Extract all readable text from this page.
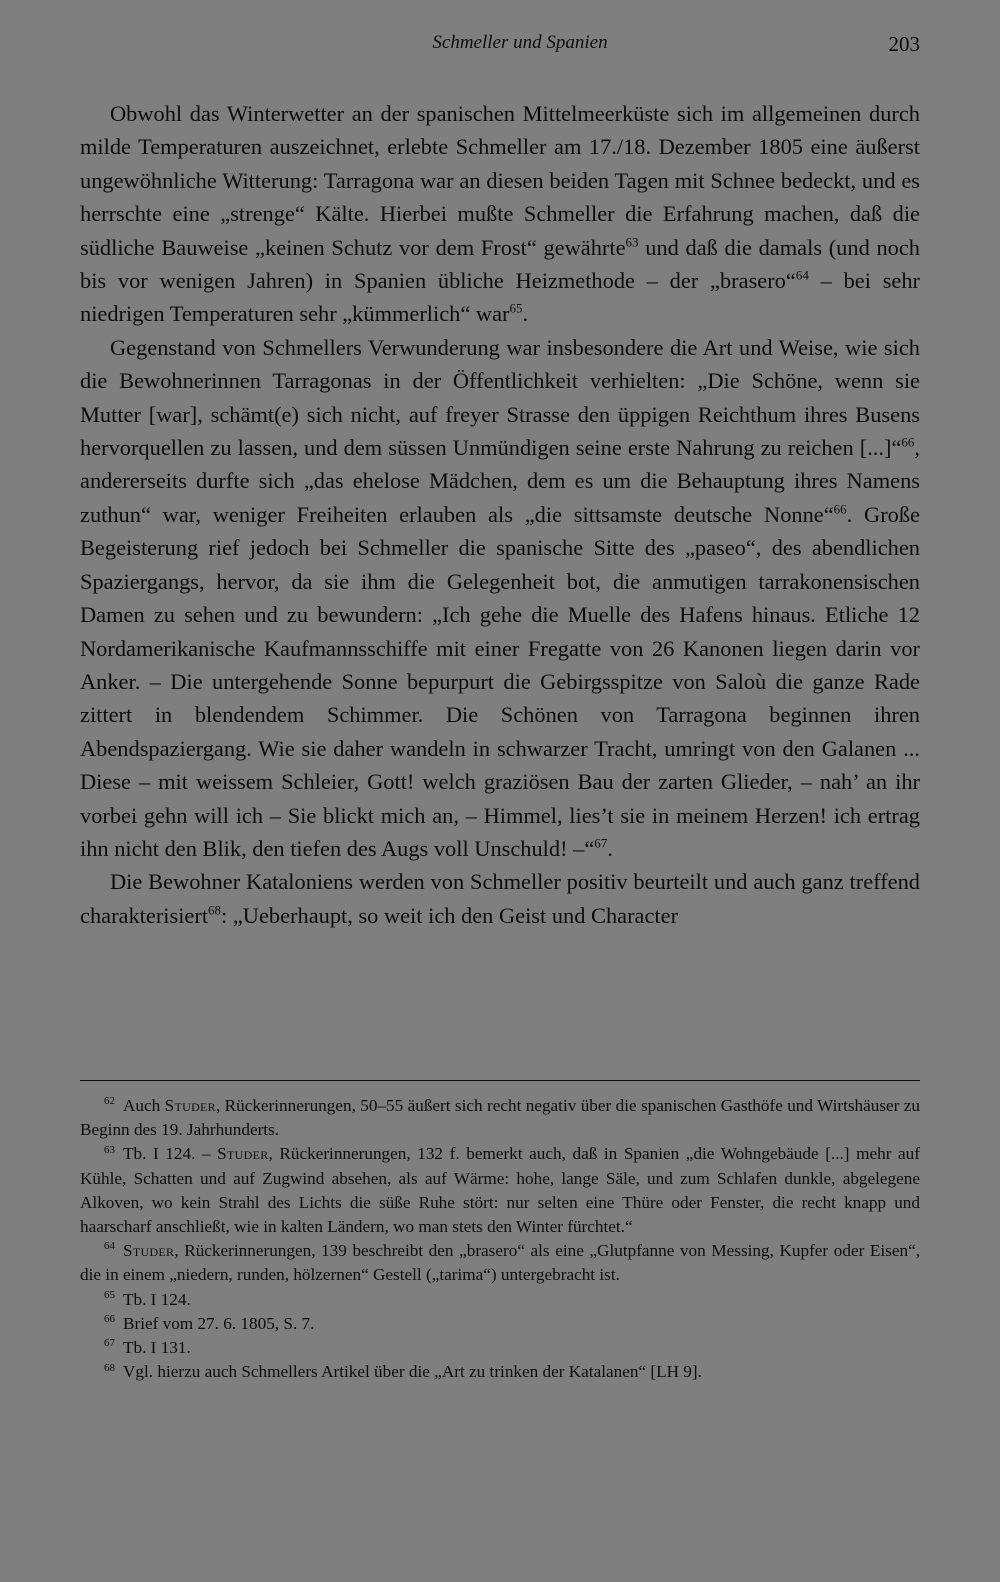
Schmeller und Spanien	203

Obwohl das Winterwetter an der spanischen Mittelmeerküste sich im allgemeinen durch milde Temperaturen auszeichnet, erlebte Schmeller am 17./18. Dezember 1805 eine äußerst ungewöhnliche Witterung: Tarragona war an diesen beiden Tagen mit Schnee bedeckt, und es herrschte eine „strenge“ Kälte. Hierbei mußte Schmeller die Erfahrung machen, daß die südliche Bauweise „keinen Schutz vor dem Frost“ gewährte$^{63}$ und daß die damals (und noch bis vor wenigen Jahren) in Spanien übliche Heizmethode – der „brasero“$^{64}$ – bei sehr niedrigen Temperaturen sehr „kümmerlich“ war$^{65}$.

Gegenstand von Schmellers Verwunderung war insbesondere die Art und Weise, wie sich die Bewohnerinnen Tarragonas in der Öffentlichkeit verhielten: „Die Schöne, wenn sie Mutter [war], schämt(e) sich nicht, auf freyer Strasse den üppigen Reichthum ihres Busens hervorquellen zu lassen, und dem süssen Unmündigen seine erste Nahrung zu reichen [...]“$^{66}$, andererseits durfte sich „das ehelose Mädchen, dem es um die Behauptung ihres Namens zuthun“ war, weniger Freiheiten erlauben als „die sittsamste deutsche Nonne“$^{66}$. Große Begeisterung rief jedoch bei Schmeller die spanische Sitte des „paseo“, des abendlichen Spaziergangs, hervor, da sie ihm die Gelegenheit bot, die anmutigen tarrakonensischen Damen zu sehen und zu bewundern: „Ich gehe die Muelle des Hafens hinaus. Etliche 12 Nordamerikanische Kaufmannsschiffe mit einer Fregatte von 26 Kanonen liegen darin vor Anker. – Die untergehende Sonne bepurpurt die Gebirgsspitze von Saloù die ganze Rade zittert in blendendem Schimmer. Die Schönen von Tarragona beginnen ihren Abendspaziergang. Wie sie daher wandeln in schwarzer Tracht, umringt von den Galanen ... Diese – mit weissem Schleier, Gott! welch graziösen Bau der zarten Glieder, – nah’ an ihr vorbei gehn will ich – Sie blickt mich an, – Himmel, lies’t sie in meinem Herzen! ich ertrag ihn nicht den Blik, den tiefen des Augs voll Unschuld! –“$^{67}$.

Die Bewohner Kataloniens werden von Schmeller positiv beurteilt und auch ganz treffend charakterisiert$^{68}$: „Ueberhaupt, so weit ich den Geist und Character

$^{62}$ Auch Studer, Rückerinnerungen, 50–55 äußert sich recht negativ über die spanischen Gasthöfe und Wirtshäuser zu Beginn des 19. Jahrhunderts.

$^{63}$ Tb. I 124. – Studer, Rückerinnerungen, 132 f. bemerkt auch, daß in Spanien „die Wohngebäude [...] mehr auf Kühle, Schatten und auf Zugwind absehen, als auf Wärme: hohe, lange Säle, und zum Schlafen dunkle, abgelegene Alkoven, wo kein Strahl des Lichts die süße Ruhe stört: nur selten eine Thüre oder Fenster, die recht knapp und haarscharf anschließt, wie in kalten Ländern, wo man stets den Winter fürchtet.“

$^{64}$ Studer, Rückerinnerungen, 139 beschreibt den „brasero“ als eine „Glutpfanne von Messing, Kupfer oder Eisen“, die in einem „niedern, runden, hölzernen“ Gestell („tarima“) untergebracht ist.

$^{65}$ Tb. I 124.

$^{66}$ Brief vom 27. 6. 1805, S. 7.

$^{67}$ Tb. I 131.

$^{68}$ Vgl. hierzu auch Schmellers Artikel über die „Art zu trinken der Katalanen“ [LH 9].
